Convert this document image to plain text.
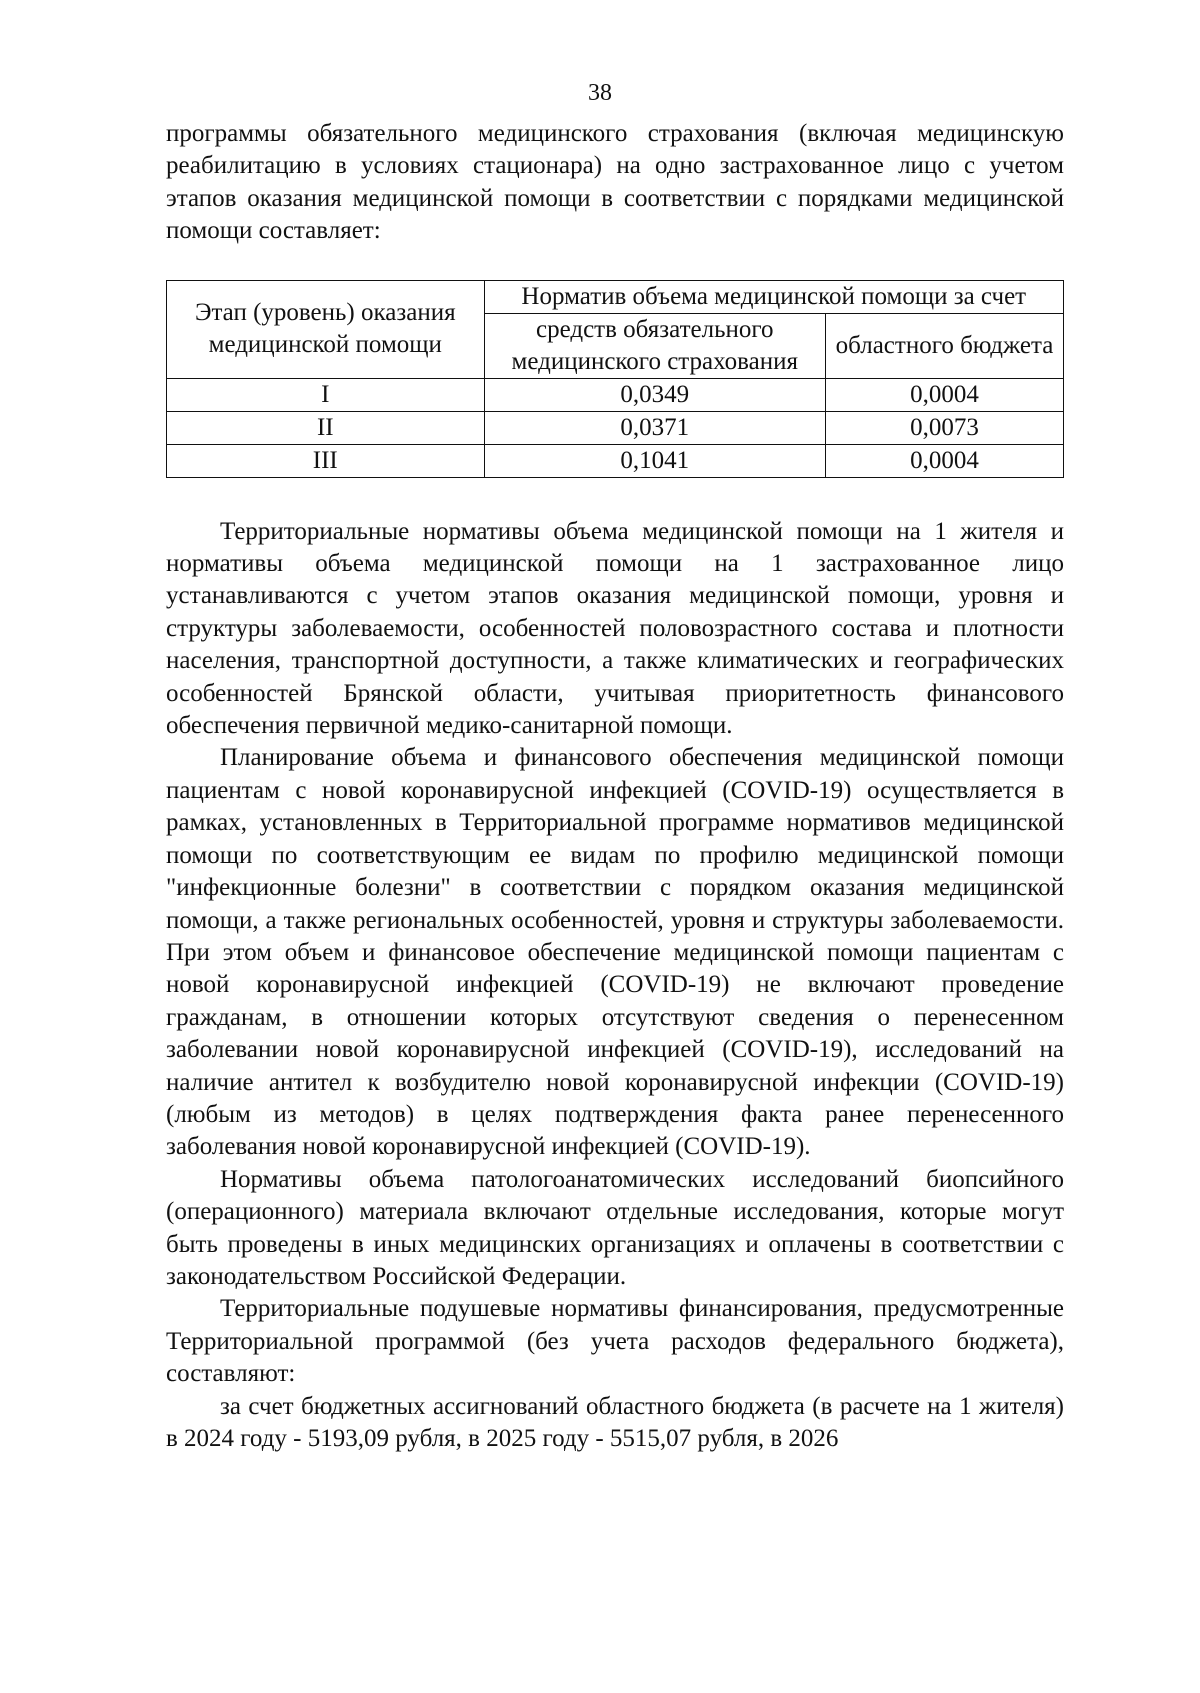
38

программы обязательного медицинского страхования (включая медицинскую реабилитацию в условиях стационара) на одно застрахованное лицо с учетом этапов оказания медицинской помощи в соответствии с порядками медицинской помощи составляет:

Этап (уровень) оказания медицинской помощи	Норматив объема медицинской помощи за счет	
	средств обязательного медицинского страхования	областного бюджета
I	0,0349	0,0004
II	0,0371	0,0073
III	0,1041	0,0004

Территориальные нормативы объема медицинской помощи на 1 жителя и нормативы объема медицинской помощи на 1 застрахованное лицо устанавливаются с учетом этапов оказания медицинской помощи, уровня и структуры заболеваемости, особенностей половозрастного состава и плотности населения, транспортной доступности, а также климатических и географических особенностей Брянской области, учитывая приоритетность финансового обеспечения первичной медико-санитарной помощи.

Планирование объема и финансового обеспечения медицинской помощи пациентам с новой коронавирусной инфекцией (COVID-19) осуществляется в рамках, установленных в Территориальной программе нормативов медицинской помощи по соответствующим ее видам по профилю медицинской помощи "инфекционные болезни" в соответствии с порядком оказания медицинской помощи, а также региональных особенностей, уровня и структуры заболеваемости. При этом объем и финансовое обеспечение медицинской помощи пациентам с новой коронавирусной инфекцией (COVID-19) не включают проведение гражданам, в отношении которых отсутствуют сведения о перенесенном заболевании новой коронавирусной инфекцией (COVID-19), исследований на наличие антител к возбудителю новой коронавирусной инфекции (COVID-19) (любым из методов) в целях подтверждения факта ранее перенесенного заболевания новой коронавирусной инфекцией (COVID-19).

Нормативы объема патологоанатомических исследований биопсийного (операционного) материала включают отдельные исследования, которые могут быть проведены в иных медицинских организациях и оплачены в соответствии с законодательством Российской Федерации.

Территориальные подушевые нормативы финансирования, предусмотренные Территориальной программой (без учета расходов федерального бюджета), составляют:

за счет бюджетных ассигнований областного бюджета (в расчете на 1 жителя) в 2024 году - 5193,09 рубля, в 2025 году - 5515,07 рубля, в 2026
